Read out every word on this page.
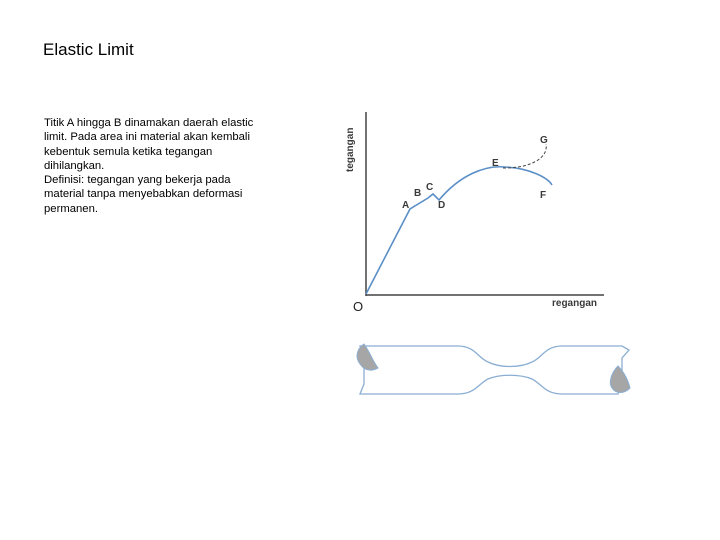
Elastic Limit

Titik A hingga B dinamakan daerah elastic limit. Pada area ini material akan kembali kebentuk semula ketika tegangan dihilangkan.

Definisi: tegangan yang bekerja pada material tanpa menyebabkan deformasi permanen.

tegangan
regangan
O
A
B
C
D
E
F
G
